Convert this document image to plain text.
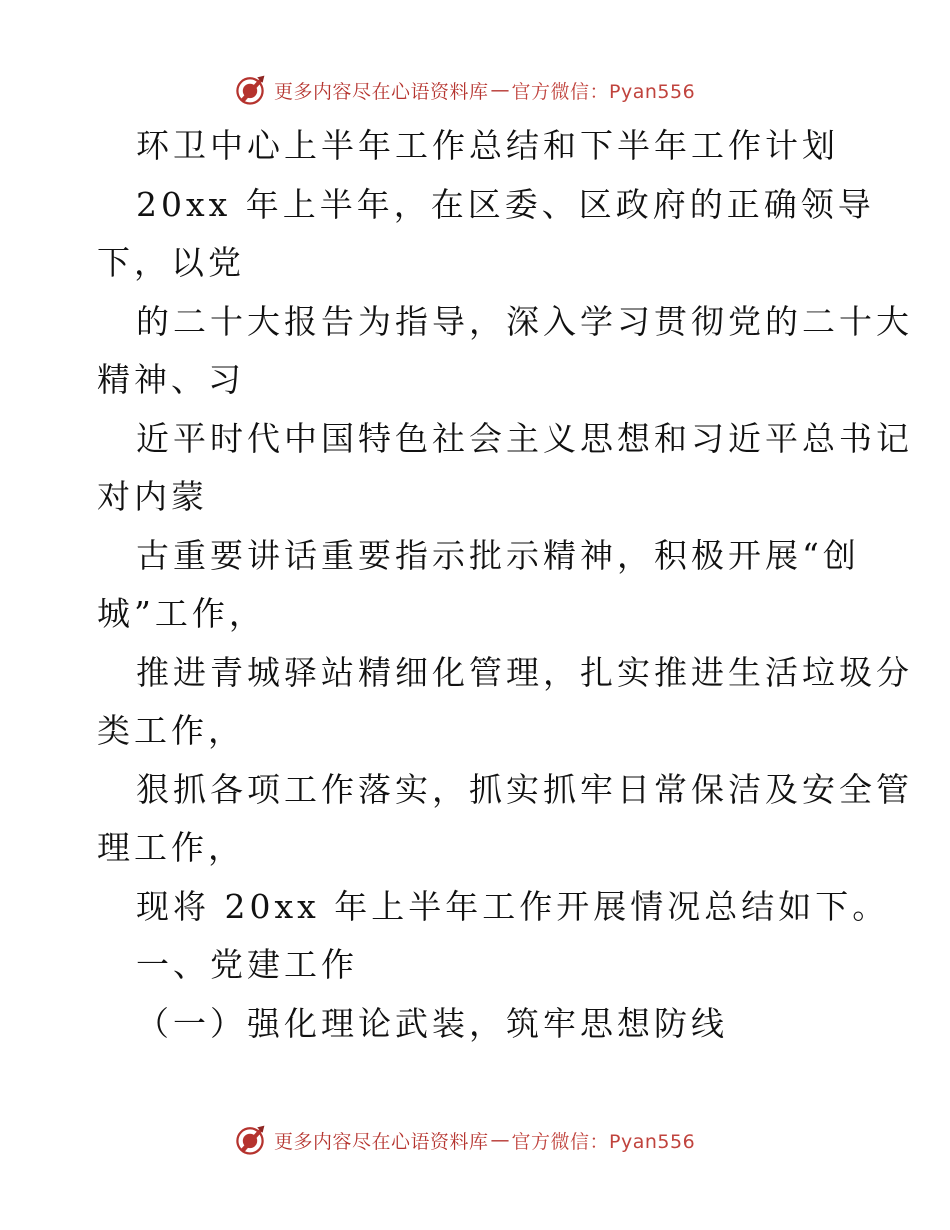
更多内容尽在心语资料库 — 官方微信：Pyan556
环卫中心上半年工作总结和下半年工作计划
20xx 年上半年，在区委、区政府的正确领导
下，以党
的二十大报告为指导，深入学习贯彻党的二十大
精神、习
近平时代中国特色社会主义思想和习近平总书记
对内蒙
古重要讲话重要指示批示精神，积极开展“创
城”工作，
推进青城驿站精细化管理，扎实推进生活垃圾分
类工作，
狠抓各项工作落实，抓实抓牢日常保洁及安全管
理工作，
现将 20xx 年上半年工作开展情况总结如下。
一、党建工作
（一）强化理论武装，筑牢思想防线
更多内容尽在心语资料库 — 官方微信：Pyan556
